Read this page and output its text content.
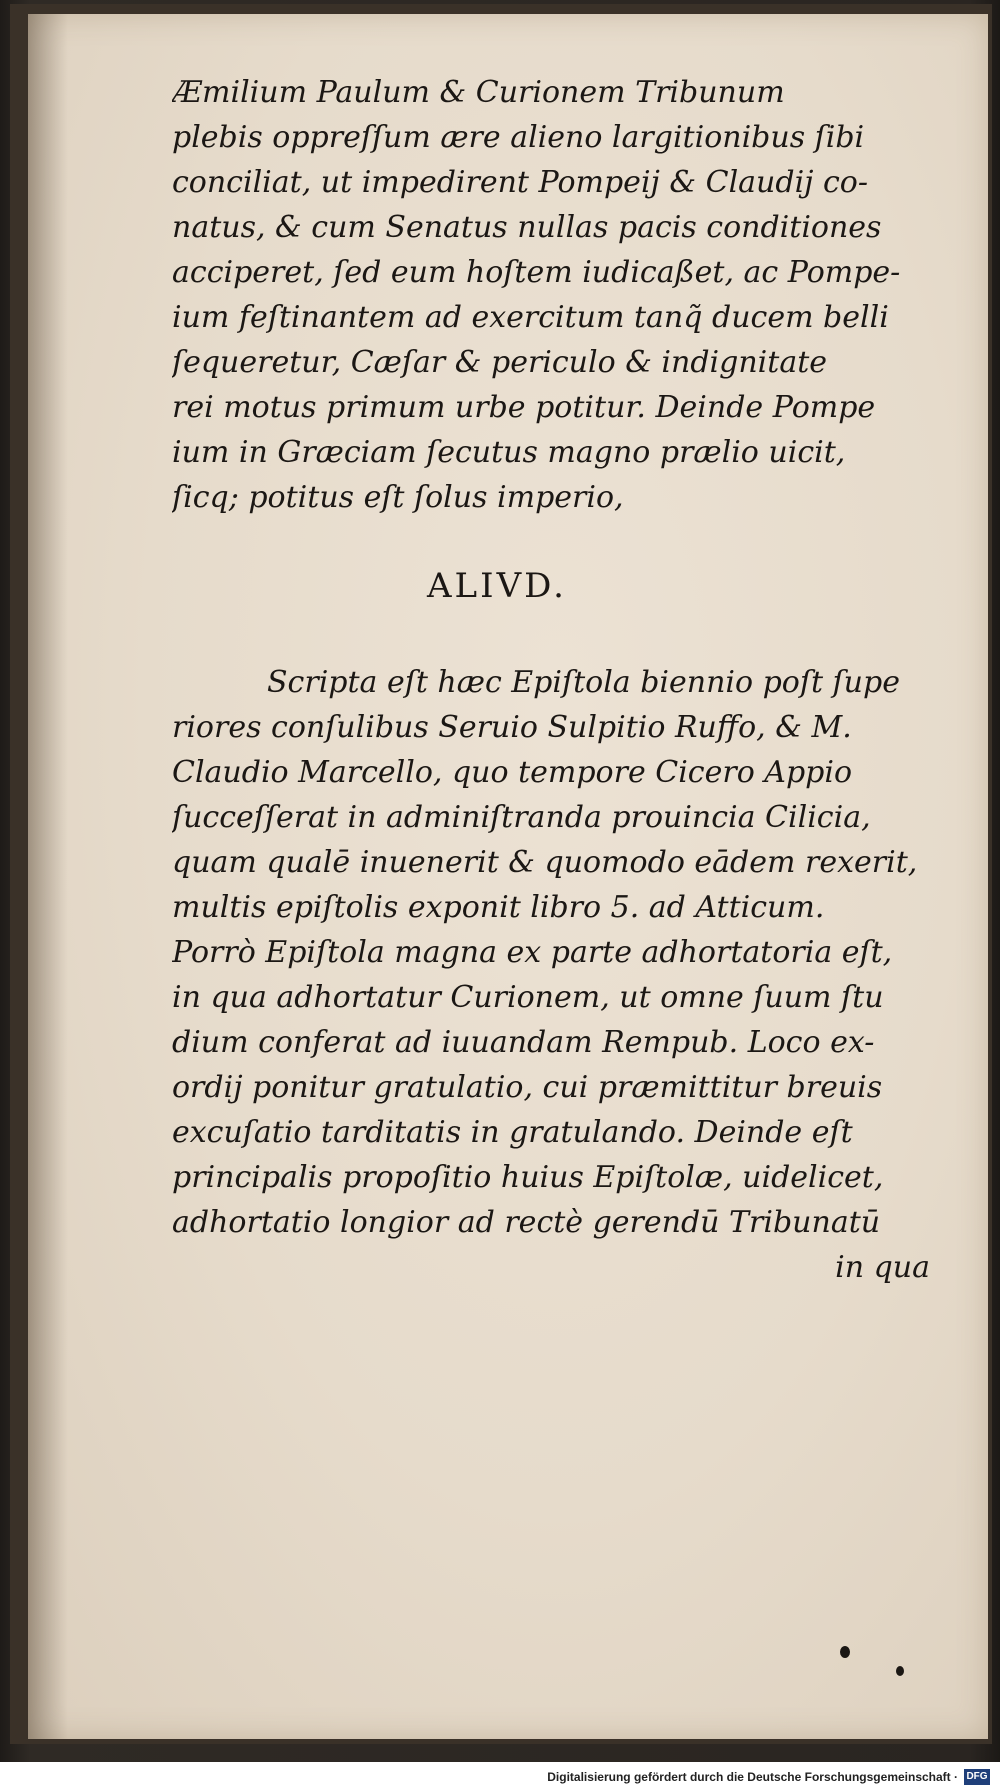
Æmilium Paulum & Curionem Tribunum
plebis oppreſſum ære alieno largitionibus ſibi
conciliat, ut impedirent Pompeij & Claudij co-
natus, & cum Senatus nullas pacis conditiones
acciperet, ſed eum hoſtem iudicaßet, ac Pompe-
ium feſtinantem ad exercitum tanq̃ ducem belli
ſequeretur, Cæſar & periculo & indignitate
rei motus primum urbe potitur. Deinde Pompe
ium in Græciam ſecutus magno prælio uicit,
ſicq; potitus eſt ſolus imperio,
ALIVD.
Scripta eſt hæc Epiſtola biennio poſt ſupe
riores conſulibus Seruio Sulpitio Ruffo, & M.
Claudio Marcello, quo tempore Cicero Appio
ſucceſſerat in adminiſtranda prouincia Cilicia,
quam qualē inuenerit & quomodo eādem rexerit,
multis epiſtolis exponit libro 5. ad Atticum.
Porrò Epiſtola magna ex parte adhortatoria eſt,
in qua adhortatur Curionem, ut omne ſuum ſtu
dium conferat ad iuuandam Rempub. Loco ex-
ordij ponitur gratulatio, cui præmittitur breuis
excuſatio tarditatis in gratulando. Deinde eſt
principalis propoſitio huius Epiſtolæ, uidelicet,
adhortatio longior ad rectè gerendū Tribunatū
in qua
Digitalisierung gefördert durch die Deutsche Forschungsgemeinschaft · DFG
